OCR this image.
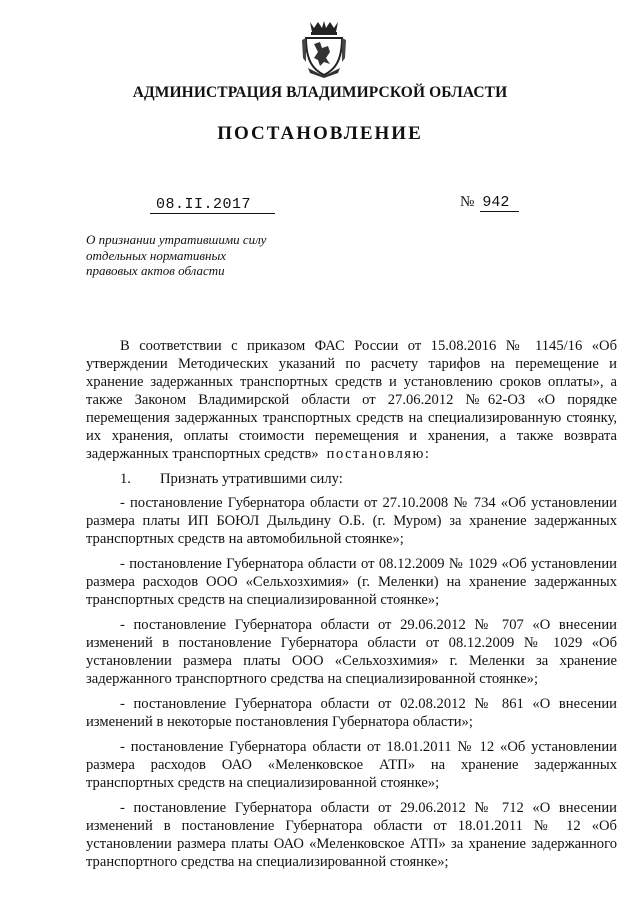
АДМИНИСТРАЦИЯ ВЛАДИМИРСКОЙ ОБЛАСТИ
ПОСТАНОВЛЕНИЕ
08.II.2017	№ 942
О признании утратившими силу
отдельных нормативных
правовых актов области

В соответствии с приказом ФАС России от 15.08.2016 № 1145/16 «Об утверждении Методических указаний по расчету тарифов на перемещение и хранение задержанных транспортных средств и установлению сроков оплаты», а также Законом Владимирской области от 27.06.2012 №62-ОЗ «О порядке перемещения задержанных транспортных средств на специализированную стоянку, их хранения, оплаты стоимости перемещения и хранения, а также возврата задержанных транспортных средств» постановляю:

1. Признать утратившими силу:

- постановление Губернатора области от 27.10.2008 № 734 «Об установлении размера платы ИП БОЮЛ Дыльдину О.Б. (г. Муром) за хранение задержанных транспортных средств на автомобильной стоянке»;

- постановление Губернатора области от 08.12.2009 № 1029 «Об установлении размера расходов ООО «Сельхозхимия» (г. Меленки) на хранение задержанных транспортных средств на специализированной стоянке»;

- постановление Губернатора области от 29.06.2012 № 707 «О внесении изменений в постановление Губернатора области от 08.12.2009 № 1029 «Об установлении размера платы ООО «Сельхозхимия» г. Меленки за хранение задержанного транспортного средства на специализированной стоянке»;

- постановление Губернатора области от 02.08.2012 № 861 «О внесении изменений в некоторые постановления Губернатора области»;

- постановление Губернатора области от 18.01.2011 № 12 «Об установлении размера расходов ОАО «Меленковское АТП» на хранение задержанных транспортных средств на специализированной стоянке»;

- постановление Губернатора области от 29.06.2012 № 712 «О внесении изменений в постановление Губернатора области от 18.01.2011 № 12 «Об установлении размера платы ОАО «Меленковское АТП» за хранение задержанного транспортного средства на специализированной стоянке»;
